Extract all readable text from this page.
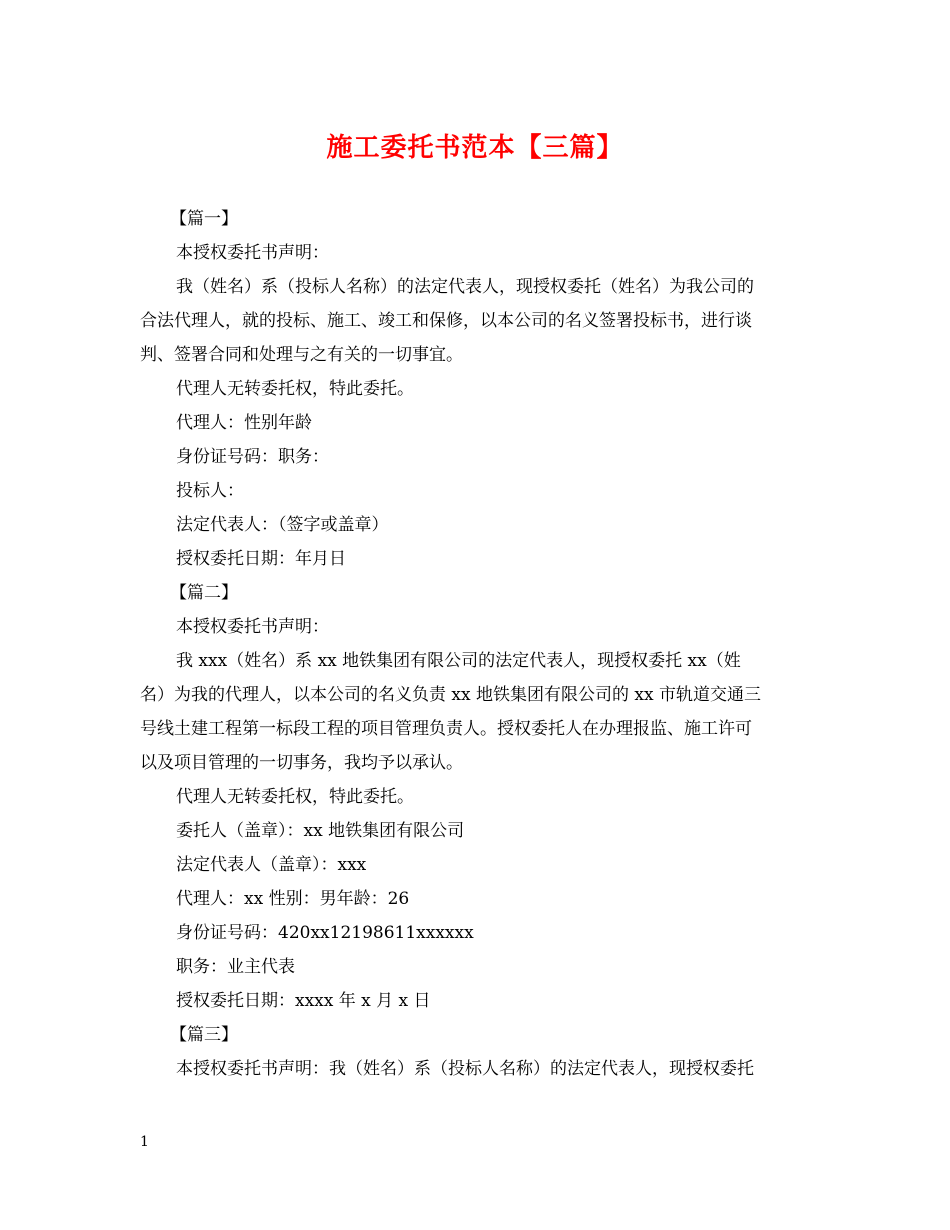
施工委托书范本【三篇】
【篇一】
本授权委托书声明：
我（姓名）系（投标人名称）的法定代表人，现授权委托（姓名）为我公司的
合法代理人，就的投标、施工、竣工和保修，以本公司的名义签署投标书，进行谈
判、签署合同和处理与之有关的一切事宜。
代理人无转委托权，特此委托。
代理人：性别年龄
身份证号码：职务：
投标人：
法定代表人：（签字或盖章）
授权委托日期：年月日
【篇二】
本授权委托书声明：
我 xxx（姓名）系 xx 地铁集团有限公司的法定代表人，现授权委托 xx（姓
名）为我的代理人，以本公司的名义负责 xx 地铁集团有限公司的 xx 市轨道交通三
号线土建工程第一标段工程的项目管理负责人。授权委托人在办理报监、施工许可
以及项目管理的一切事务，我均予以承认。
代理人无转委托权，特此委托。
委托人（盖章）：xx 地铁集团有限公司
法定代表人（盖章）：xxx
代理人：xx 性别：男年龄：26
身份证号码：420xx12198611xxxxxx
职务：业主代表
授权委托日期：xxxx 年 x 月 x 日
【篇三】
本授权委托书声明：我（姓名）系（投标人名称）的法定代表人，现授权委托
1
